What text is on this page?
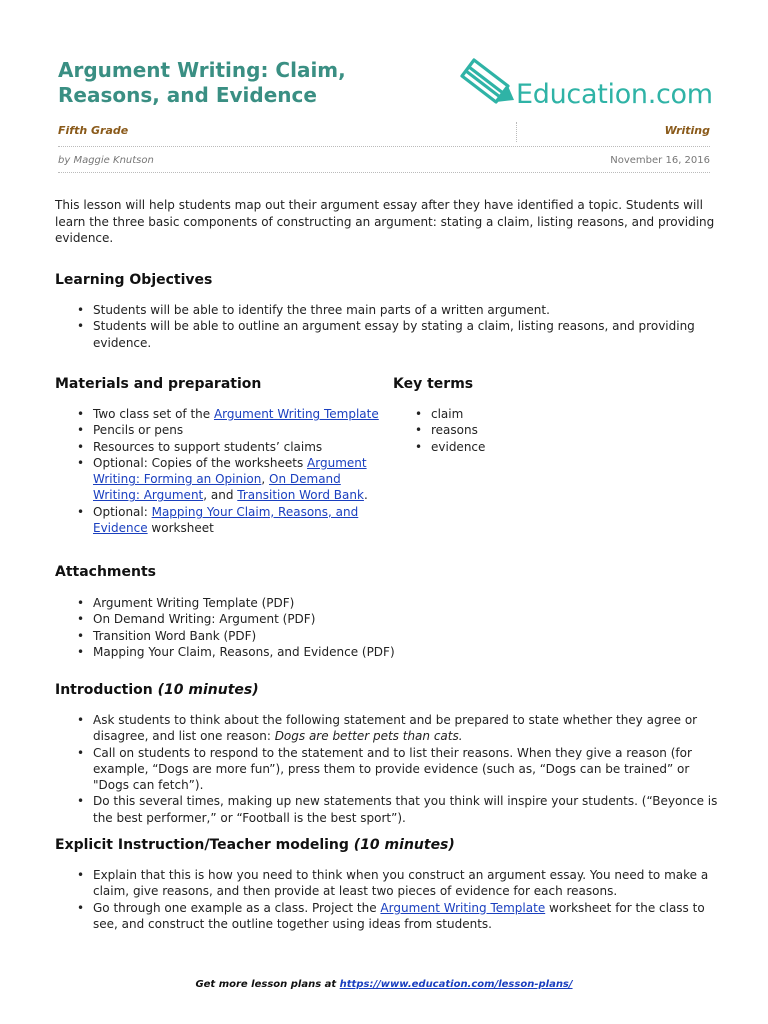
Argument Writing: Claim,
Reasons, and Evidence	Education.com
Fifth Grade	Writing
by Maggie Knutson	November 16, 2016

This lesson will help students map out their argument essay after they have identified a topic. Students will learn the three basic components of constructing an argument: stating a claim, listing reasons, and providing evidence.

Learning Objectives
• Students will be able to identify the three main parts of a written argument.
• Students will be able to outline an argument essay by stating a claim, listing reasons, and providing evidence.
Materials and preparation
• Two class set of the Argument Writing Template
• Pencils or pens
• Resources to support students’ claims
• Optional: Copies of the worksheets Argument Writing: Forming an Opinion, On Demand Writing: Argument, and Transition Word Bank.
• Optional: Mapping Your Claim, Reasons, and Evidence worksheet
Key terms
• claim
• reasons
• evidence
Attachments
• Argument Writing Template (PDF)
• On Demand Writing: Argument (PDF)
• Transition Word Bank (PDF)
• Mapping Your Claim, Reasons, and Evidence (PDF)
Introduction (10 minutes)
• Ask students to think about the following statement and be prepared to state whether they agree or disagree, and list one reason: Dogs are better pets than cats.
• Call on students to respond to the statement and to list their reasons. When they give a reason (for example, “Dogs are more fun”), press them to provide evidence (such as, “Dogs can be trained” or "Dogs can fetch”).
• Do this several times, making up new statements that you think will inspire your students. (“Beyonce is the best performer,” or “Football is the best sport”).
Explicit Instruction/Teacher modeling (10 minutes)
• Explain that this is how you need to think when you construct an argument essay. You need to make a claim, give reasons, and then provide at least two pieces of evidence for each reasons.
• Go through one example as a class. Project the Argument Writing Template worksheet for the class to see, and construct the outline together using ideas from students.
Get more lesson plans at https://www.education.com/lesson-plans/
